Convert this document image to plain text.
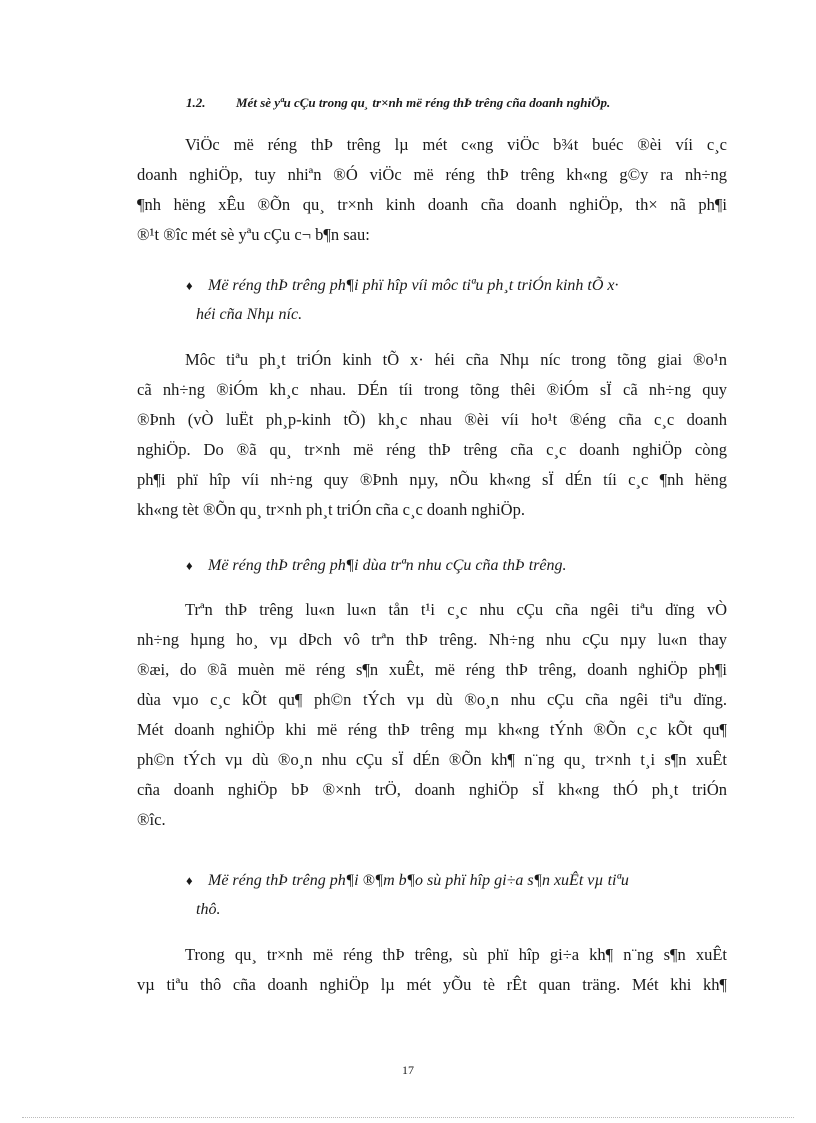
1.2. Mét sè yªu cÇu trong qu¸ tr×nh më réng thÞ trêng cña doanh nghiÖp.
ViÖc më réng thÞ trêng lµ mét c«ng viÖc b¾t buéc ®èi víi c¸c
doanh nghiÖp, tuy nhiªn ®Ó viÖc më réng thÞ trêng kh«ng g©y ra nh÷ng
¶nh hëng xÊu ®Õn qu¸ tr×nh kinh doanh cña doanh nghiÖp, th× nã ph¶i
®¹t ®îc mét sè yªu cÇu c¬ b¶n sau:
♦ Më réng thÞ trêng ph¶i phï hîp víi môc tiªu ph¸t triÓn kinh tÕ x·
héi cña Nhµ níc.
Môc tiªu ph¸t triÓn kinh tÕ x· héi cña Nhµ níc trong tõng giai ®o¹n
cã nh÷ng ®iÓm kh¸c nhau. DÉn tíi trong tõng thêi ®iÓm sÏ cã nh÷ng quy
®Þnh (vÒ luËt ph¸p-kinh tÕ) kh¸c nhau ®èi víi ho¹t ®éng cña c¸c doanh
nghiÖp. Do ®ã qu¸ tr×nh më réng thÞ trêng cña c¸c doanh nghiÖp còng
ph¶i phï hîp víi nh÷ng quy ®Þnh nµy, nÕu kh«ng sÏ dÉn tíi c¸c ¶nh hëng
kh«ng tèt ®Õn qu¸ tr×nh ph¸t triÓn cña c¸c doanh nghiÖp.
♦ Më réng thÞ trêng ph¶i dùa trªn nhu cÇu cña thÞ trêng.
Trªn thÞ trêng lu«n lu«n tån t¹i c¸c nhu cÇu cña ngêi tiªu dïng vÒ
nh÷ng hµng ho¸ vµ dÞch vô trªn thÞ trêng. Nh÷ng nhu cÇu nµy lu«n thay
®æi, do ®ã muèn më réng s¶n xuÊt, më réng thÞ trêng, doanh nghiÖp ph¶i
dùa vµo c¸c kÕt qu¶ ph©n tÝch vµ dù ®o¸n nhu cÇu cña ngêi tiªu dïng.
Mét doanh nghiÖp khi më réng thÞ trêng mµ kh«ng tÝnh ®Õn c¸c kÕt qu¶
ph©n tÝch vµ dù ®o¸n nhu cÇu sÏ dÉn ®Õn kh¶ n¨ng qu¸ tr×nh t¸i s¶n xuÊt
cña doanh nghiÖp bÞ ®×nh trÖ, doanh nghiÖp sÏ kh«ng thÓ ph¸t triÓn
®îc.
♦ Më réng thÞ trêng ph¶i ®¶m b¶o sù phï hîp gi÷a s¶n xuÊt vµ tiªu
thô.
Trong qu¸ tr×nh më réng thÞ trêng, sù phï hîp gi÷a kh¶ n¨ng s¶n xuÊt
vµ tiªu thô cña doanh nghiÖp lµ mét yÕu tè rÊt quan träng. Mét khi kh¶
17
